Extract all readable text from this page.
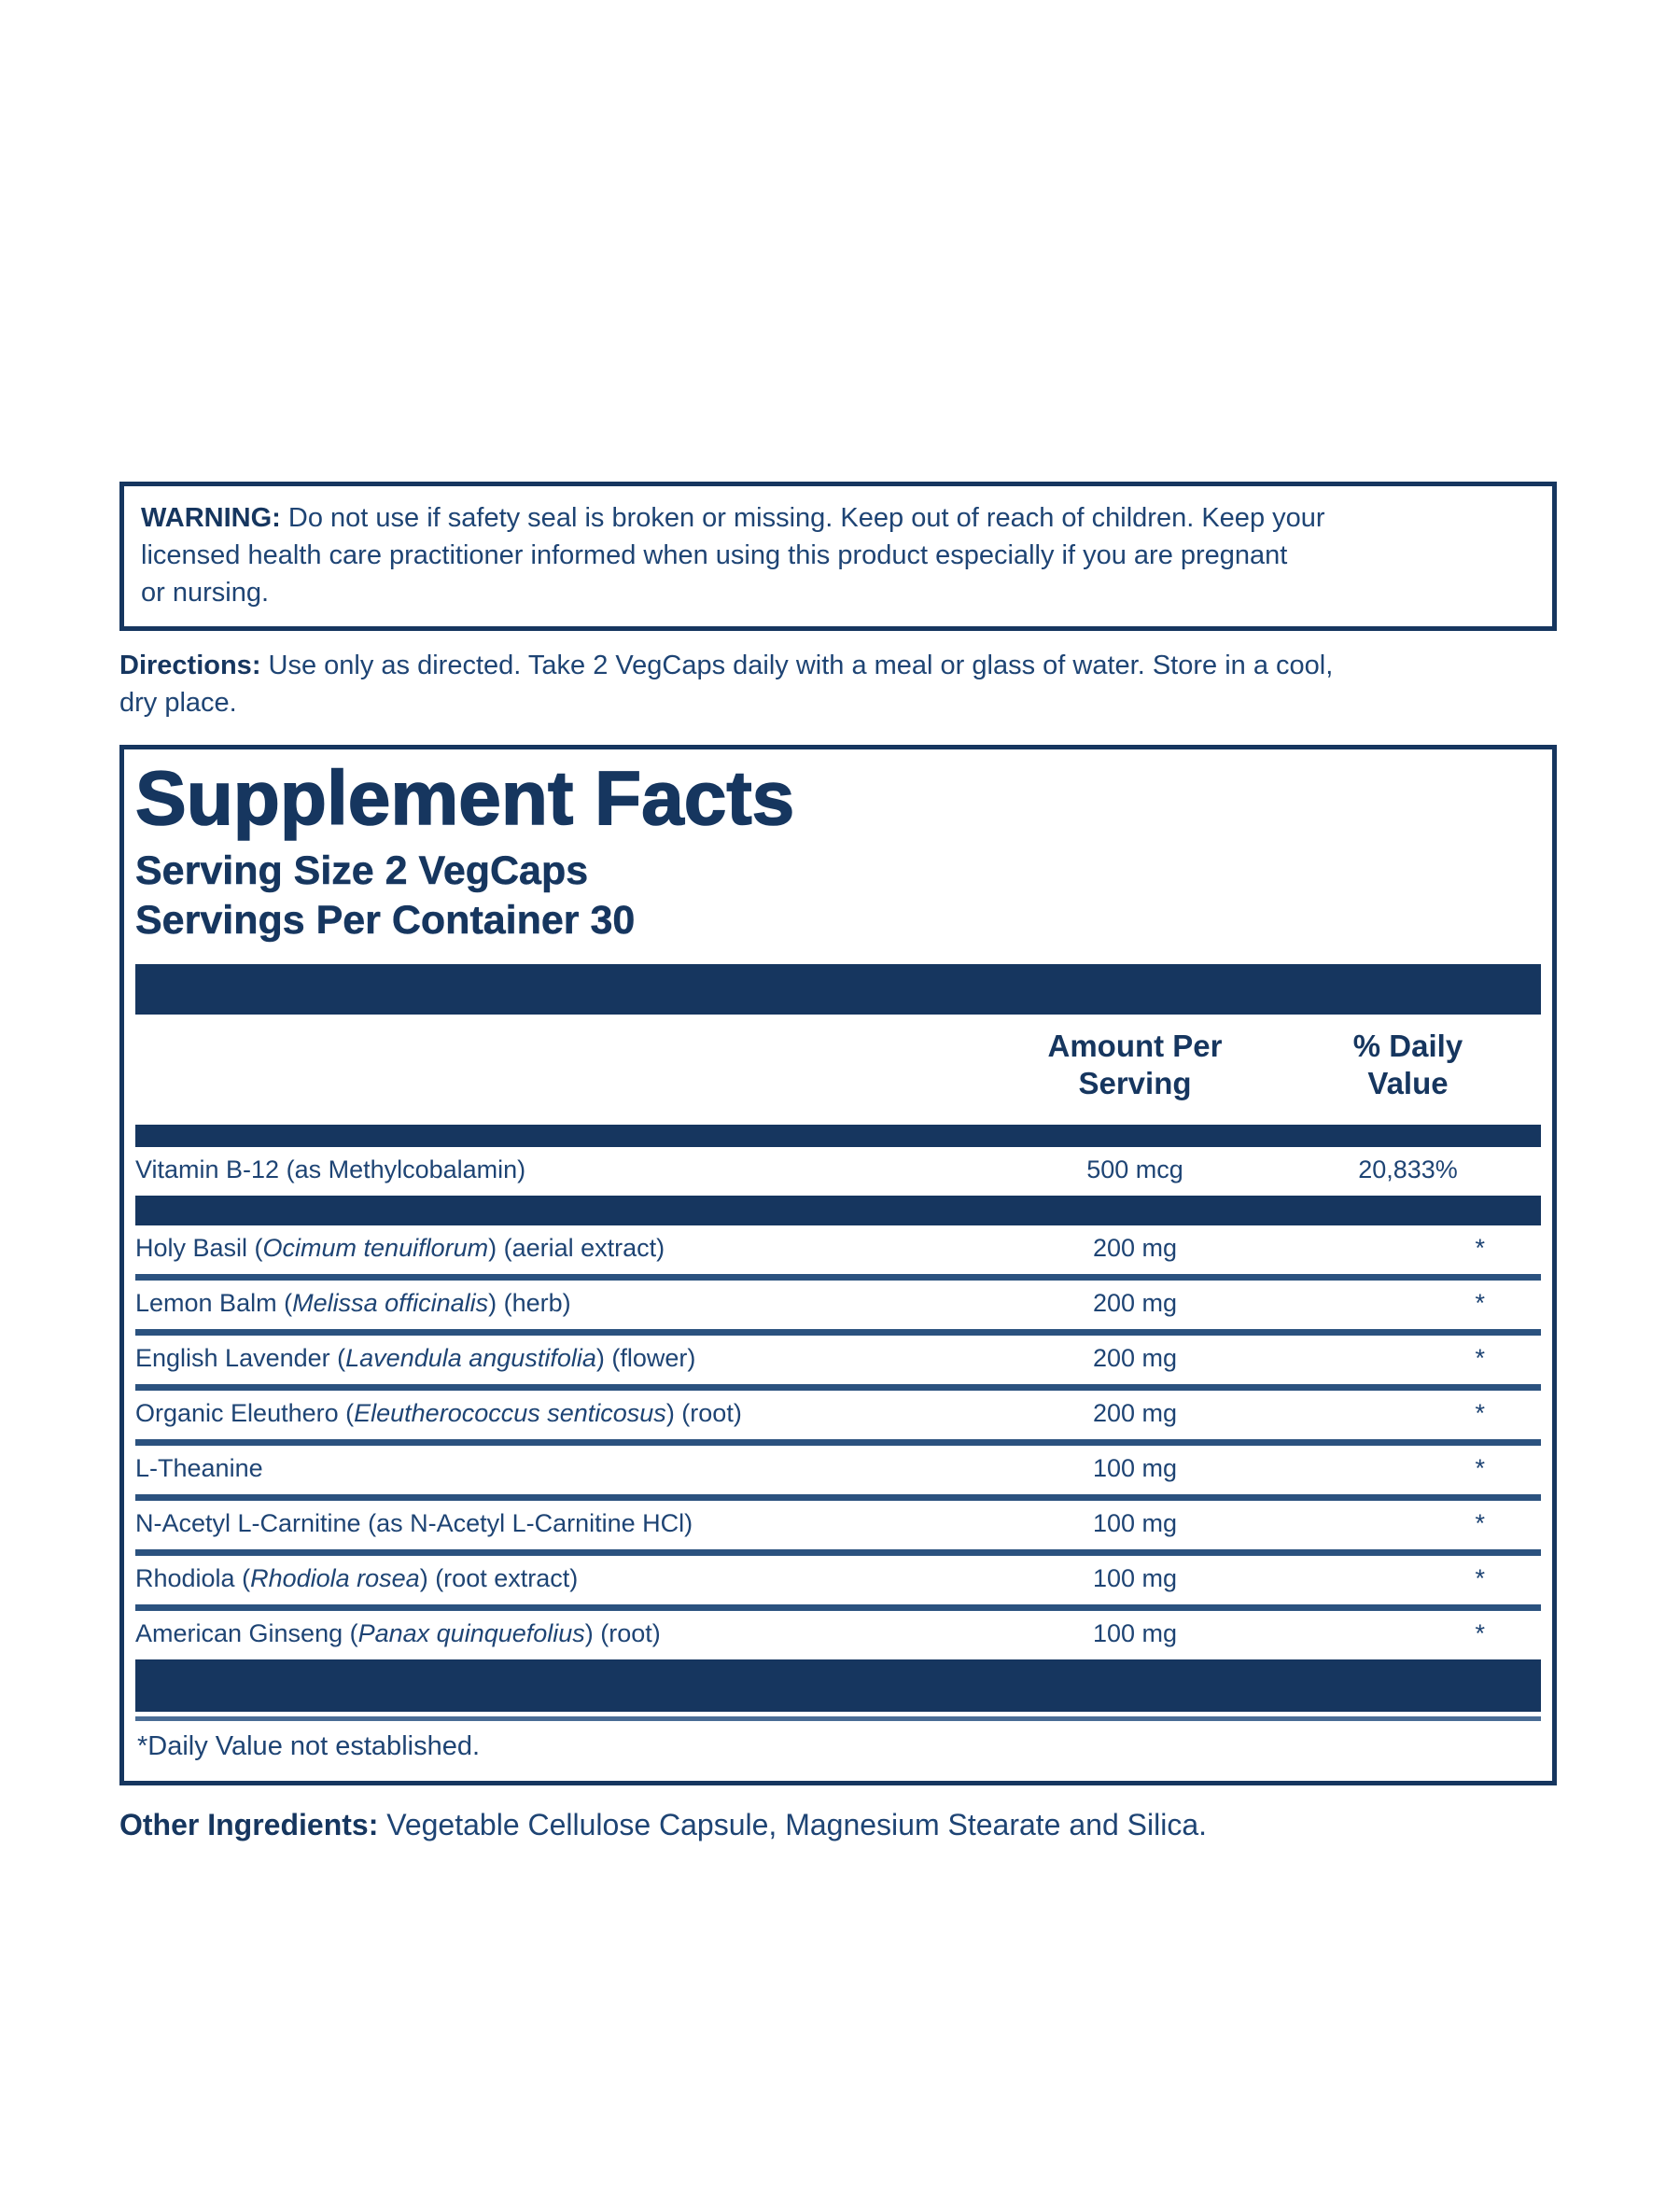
WARNING: Do not use if safety seal is broken or missing. Keep out of reach of children. Keep your
licensed health care practitioner informed when using this product especially if you are pregnant
or nursing.
Directions: Use only as directed. Take 2 VegCaps daily with a meal or glass of water. Store in a cool,
dry place.
Supplement Facts
Serving Size 2 VegCaps
Servings Per Container 30
Amount Per Serving
% Daily Value
Vitamin B-12 (as Methylcobalamin)	500 mcg	20,833%
Holy Basil (Ocimum tenuiflorum) (aerial extract)	200 mg	*
Lemon Balm (Melissa officinalis) (herb)	200 mg	*
English Lavender (Lavendula angustifolia) (flower)	200 mg	*
Organic Eleuthero (Eleutherococcus senticosus) (root)	200 mg	*
L-Theanine	100 mg	*
N-Acetyl L-Carnitine (as N-Acetyl L-Carnitine HCl)	100 mg	*
Rhodiola (Rhodiola rosea) (root extract)	100 mg	*
American Ginseng (Panax quinquefolius) (root)	100 mg	*
*Daily Value not established.
Other Ingredients: Vegetable Cellulose Capsule, Magnesium Stearate and Silica.
